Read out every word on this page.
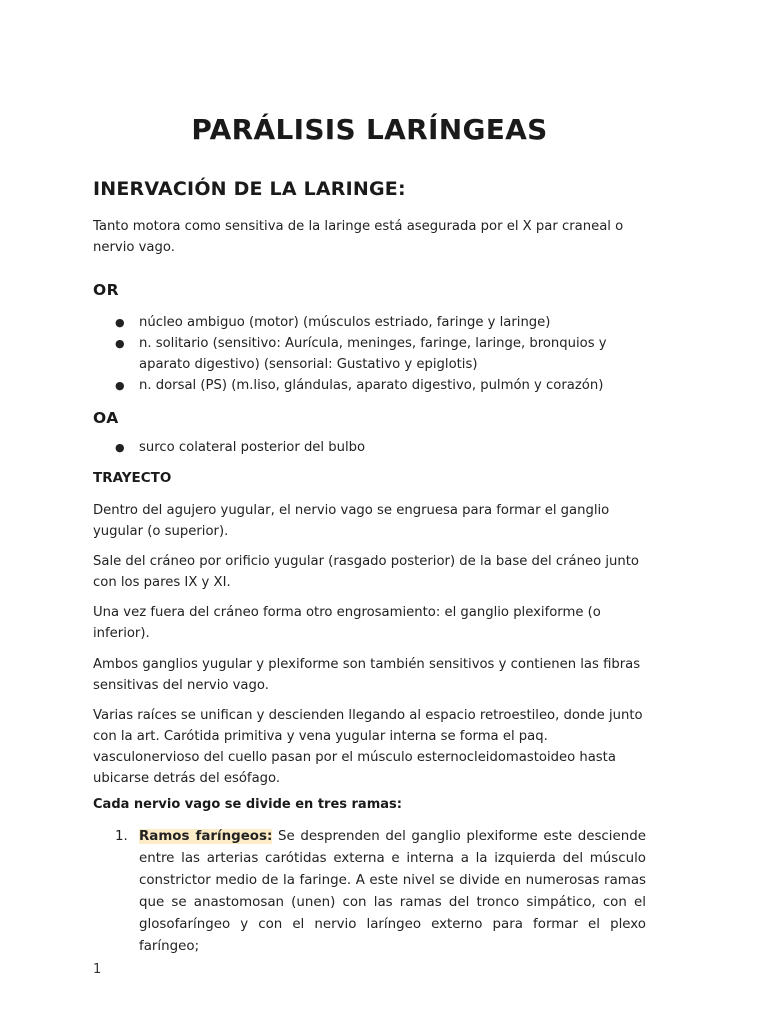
PARÁLISIS LARÍNGEAS
INERVACIÓN DE LA LARINGE:
Tanto motora como sensitiva de la laringe está asegurada por el X par craneal o nervio vago.
OR
● núcleo ambiguo (motor) (músculos estriado, faringe y laringe)
● n. solitario (sensitivo: Aurícula, meninges, faringe, laringe, bronquios y aparato digestivo) (sensorial: Gustativo y epiglotis)
● n. dorsal (PS) (m.liso, glándulas, aparato digestivo, pulmón y corazón)
OA
● surco colateral posterior del bulbo
TRAYECTO
Dentro del agujero yugular, el nervio vago se engruesa para formar el ganglio yugular (o superior).
Sale del cráneo por orificio yugular (rasgado posterior) de la base del cráneo junto con los pares IX y XI.
Una vez fuera del cráneo forma otro engrosamiento: el ganglio plexiforme (o inferior).
Ambos ganglios yugular y plexiforme son también sensitivos y contienen las fibras sensitivas del nervio vago.
Varias raíces se unifican y descienden llegando al espacio retroestileo, donde junto con la art. Carótida primitiva y vena yugular interna se forma el paq. vasculonervioso del cuello pasan por el músculo esternocleidomastoideo hasta ubicarse detrás del esófago.
Cada nervio vago se divide en tres ramas:
1. Ramos faríngeos: Se desprenden del ganglio plexiforme este desciende entre las arterias carótidas externa e interna a la izquierda del músculo constrictor medio de la faringe. A este nivel se divide en numerosas ramas que se anastomosan (unen) con las ramas del tronco simpático, con el glosofaríngeo y con el nervio laríngeo externo para formar el plexo faríngeo;
1
